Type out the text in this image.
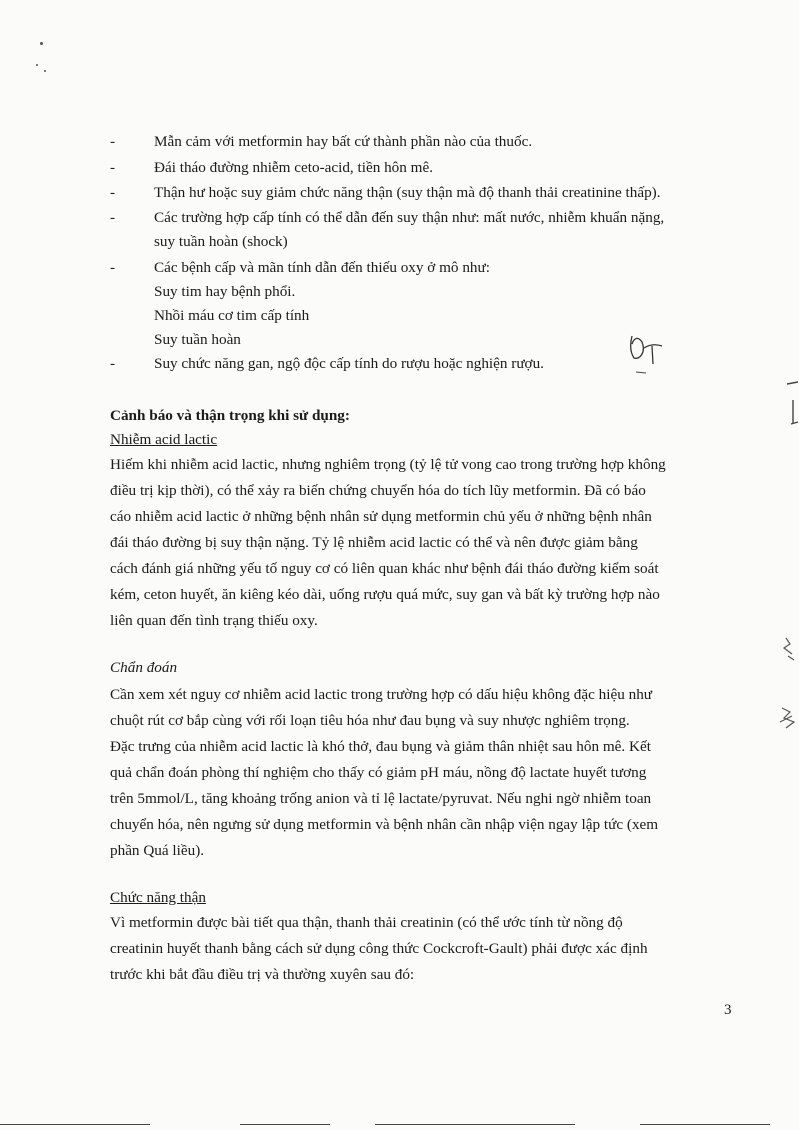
-	Mẫn cảm với metformin hay bất cứ thành phần nào của thuốc.
-	Đái tháo đường nhiễm ceto-acid, tiền hôn mê.
-	Thận hư hoặc suy giảm chức năng thận (suy thận mà độ thanh thải creatinine thấp).
-	Các trường hợp cấp tính có thể dẫn đến suy thận như: mất nước, nhiễm khuẩn nặng,
suy tuần hoàn (shock)
-	Các bệnh cấp và mãn tính dẫn đến thiếu oxy ở mô như:
Suy tim hay bệnh phổi.
Nhồi máu cơ tim cấp tính
Suy tuần hoàn
-	Suy chức năng gan, ngộ độc cấp tính do rượu hoặc nghiện rượu.
Cảnh báo và thận trọng khi sử dụng:
Nhiễm acid lactic
Hiếm khi nhiễm acid lactic, nhưng nghiêm trọng (tỷ lệ tử vong cao trong trường hợp không
điều trị kịp thời), có thể xảy ra biến chứng chuyển hóa do tích lũy metformin. Đã có báo
cáo nhiễm acid lactic ở những bệnh nhân sử dụng metformin chủ yếu ở những bệnh nhân
đái tháo đường bị suy thận nặng. Tỷ lệ nhiễm acid lactic có thể và nên được giảm bằng
cách đánh giá những yếu tố nguy cơ có liên quan khác như bệnh đái tháo đường kiểm soát
kém, ceton huyết, ăn kiêng kéo dài, uống rượu quá mức, suy gan và bất kỳ trường hợp nào
liên quan đến tình trạng thiếu oxy.
Chẩn đoán
Cần xem xét nguy cơ nhiễm acid lactic trong trường hợp có dấu hiệu không đặc hiệu như
chuột rút cơ bắp cùng với rối loạn tiêu hóa như đau bụng và suy nhược nghiêm trọng.
Đặc trưng của nhiễm acid lactic là khó thở, đau bụng và giảm thân nhiệt sau hôn mê. Kết
quả chẩn đoán phòng thí nghiệm cho thấy có giảm pH máu, nồng độ lactate huyết tương
trên 5mmol/L, tăng khoảng trống anion và tỉ lệ lactate/pyruvat. Nếu nghi ngờ nhiễm toan
chuyển hóa, nên ngưng sử dụng metformin và bệnh nhân cần nhập viện ngay lập tức (xem
phần Quá liều).
Chức năng thận
Vì metformin được bài tiết qua thận, thanh thải creatinin (có thể ước tính từ nồng độ
creatinin huyết thanh bằng cách sử dụng công thức Cockcroft-Gault) phải được xác định
trước khi bắt đầu điều trị và thường xuyên sau đó:
3
